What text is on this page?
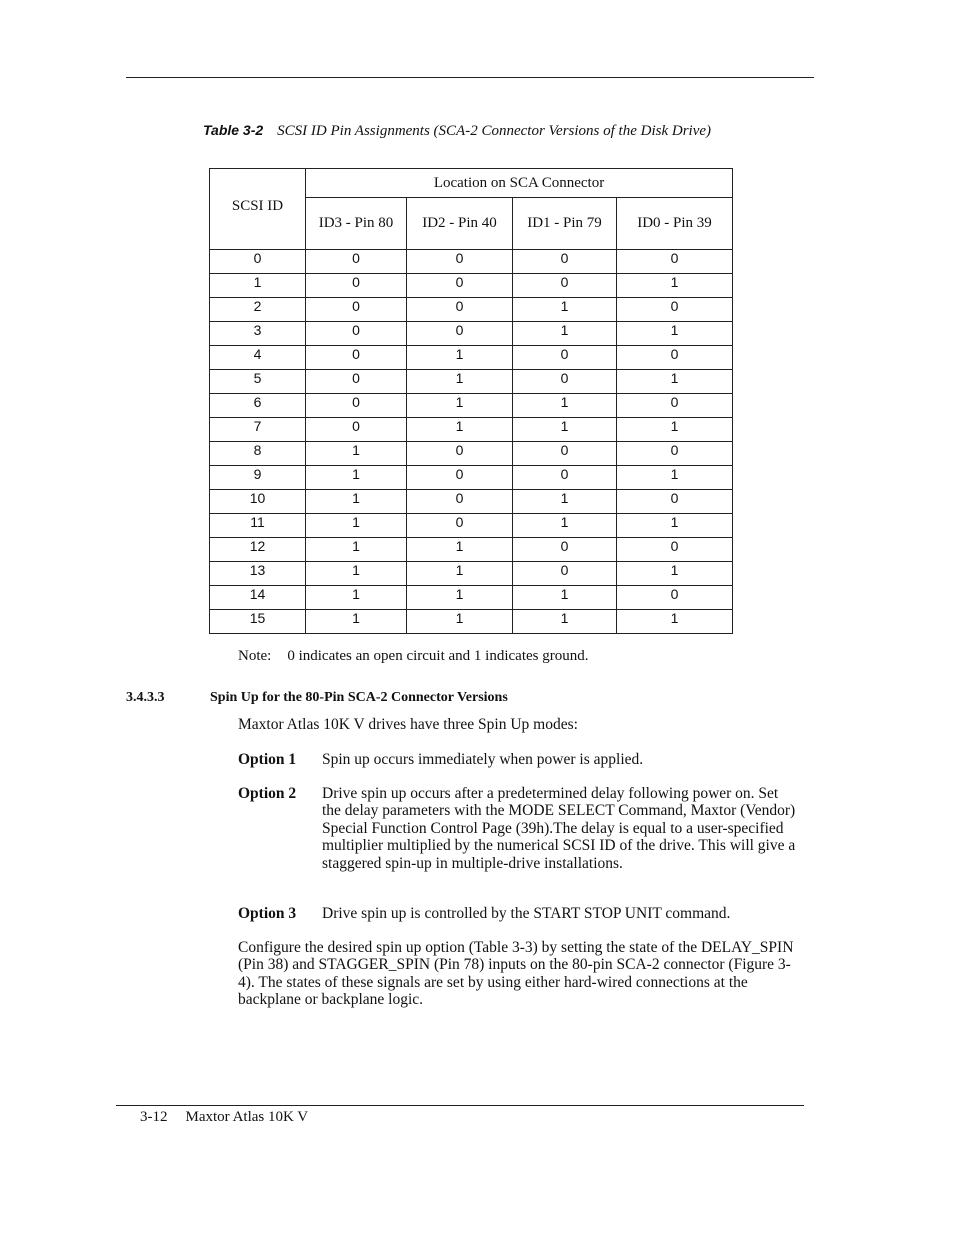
Table 3-2 SCSI ID Pin Assignments (SCA-2 Connector Versions of the Disk Drive)
SCSI ID	Location on SCA Connector			
	ID3 - Pin 80	ID2 - Pin 40	ID1 - Pin 79	ID0 - Pin 39
0	0	0	0	0
1	0	0	0	1
2	0	0	1	0
3	0	0	1	1
4	0	1	0	0
5	0	1	0	1
6	0	1	1	0
7	0	1	1	1
8	1	0	0	0
9	1	0	0	1
10	1	0	1	0
11	1	0	1	1
12	1	1	0	0
13	1	1	0	1
14	1	1	1	0
15	1	1	1	1
Note: 0 indicates an open circuit and 1 indicates ground.
3.4.3.3	Spin Up for the 80-Pin SCA-2 Connector Versions
Maxtor Atlas 10K V drives have three Spin Up modes:
Option 1 Spin up occurs immediately when power is applied.
Option 2 Drive spin up occurs after a predetermined delay following power on. Set the delay parameters with the MODE SELECT Command, Maxtor (Vendor) Special Function Control Page (39h).The delay is equal to a user-specified multiplier multiplied by the numerical SCSI ID of the drive. This will give a staggered spin-up in multiple-drive installations.
Option 3 Drive spin up is controlled by the START STOP UNIT command.
Configure the desired spin up option (Table 3-3) by setting the state of the DELAY_SPIN (Pin 38) and STAGGER_SPIN (Pin 78) inputs on the 80-pin SCA-2 connector (Figure 3-4). The states of these signals are set by using either hard-wired connections at the backplane or backplane logic.
3-12 Maxtor Atlas 10K V
